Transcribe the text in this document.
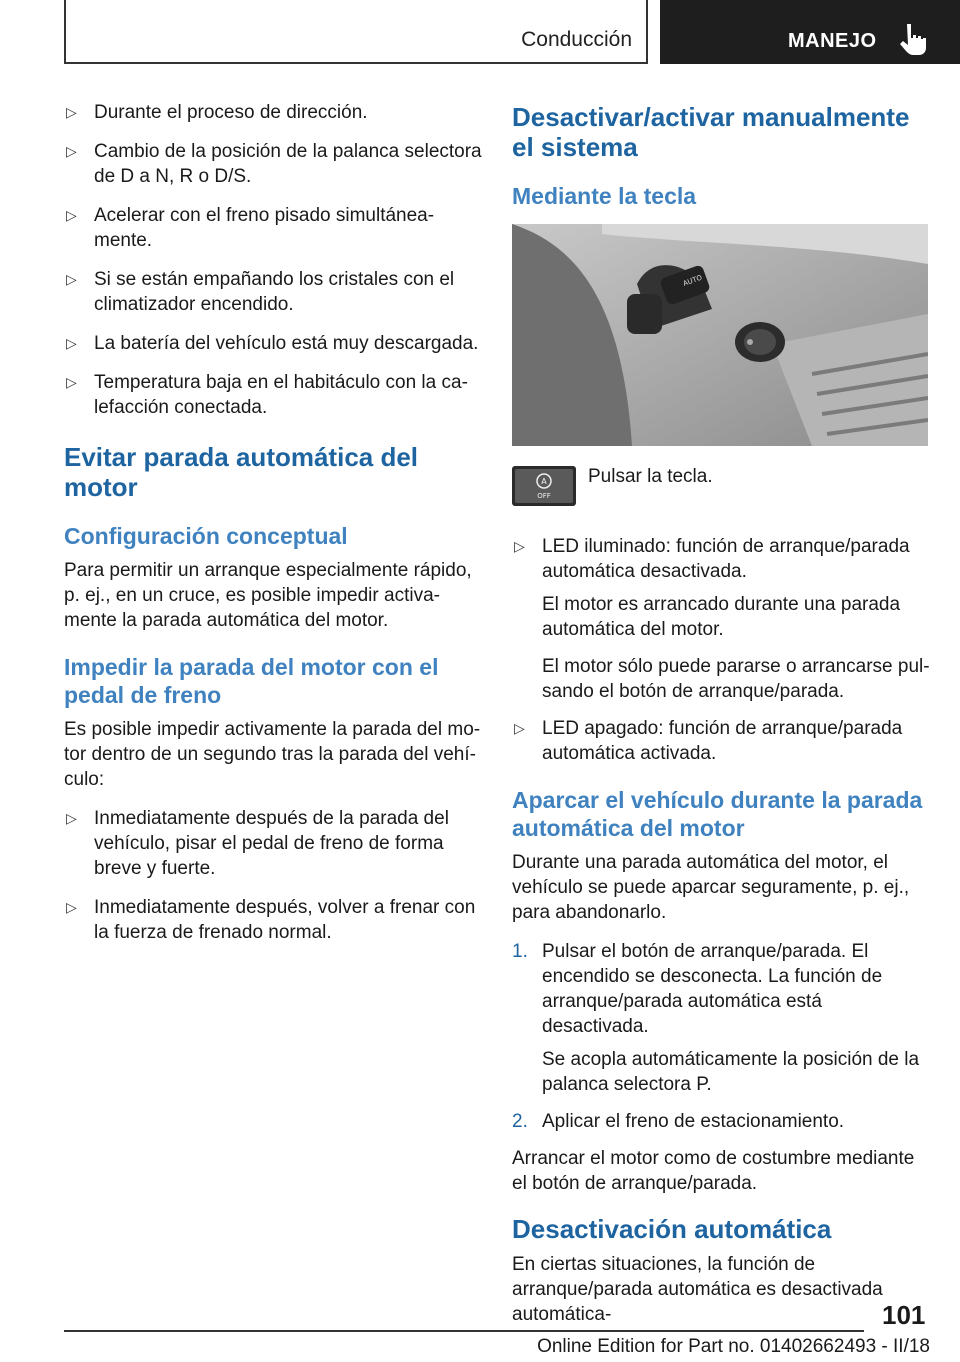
Conducción	MANEJO
▷ Durante el proceso de dirección.
▷ Cambio de la posición de la palanca selectora de D a N, R o D/S.
▷ Acelerar con el freno pisado simultáneamente.
▷ Si se están empañando los cristales con el climatizador encendido.
▷ La batería del vehículo está muy descargada.
▷ Temperatura baja en el habitáculo con la calefacción conectada.
Evitar parada automática del motor
Configuración conceptual

Para permitir un arranque especialmente rápido, p. ej., en un cruce, es posible impedir activamente la parada automática del motor.

Impedir la parada del motor con el pedal de freno

Es posible impedir activamente la parada del motor dentro de un segundo tras la parada del vehículo:

▷ Inmediatamente después de la parada del vehículo, pisar el pedal de freno de forma breve y fuerte.
▷ Inmediatamente después, volver a frenar con la fuerza de frenado normal.
Desactivar/activar manualmente el sistema
Mediante la tecla
AUTO
A
OFF
Pulsar la tecla.
▷ LED iluminado: función de arranque/parada automática desactivada.
El motor es arrancado durante una parada automática del motor.
El motor sólo puede pararse o arrancarse pulsando el botón de arranque/parada.
▷ LED apagado: función de arranque/parada automática activada.
Aparcar el vehículo durante la parada automática del motor

Durante una parada automática del motor, el vehículo se puede aparcar seguramente, p. ej., para abandonarlo.

1. Pulsar el botón de arranque/parada. El encendido se desconecta. La función de arranque/parada automática está desactivada.
Se acopla automáticamente la posición de la palanca selectora P.
2. Aplicar el freno de estacionamiento.

Arrancar el motor como de costumbre mediante el botón de arranque/parada.

Desactivación automática

En ciertas situaciones, la función de arranque/parada automática es desactivada automática-	101
Online Edition for Part no. 01402662493 - II/18
